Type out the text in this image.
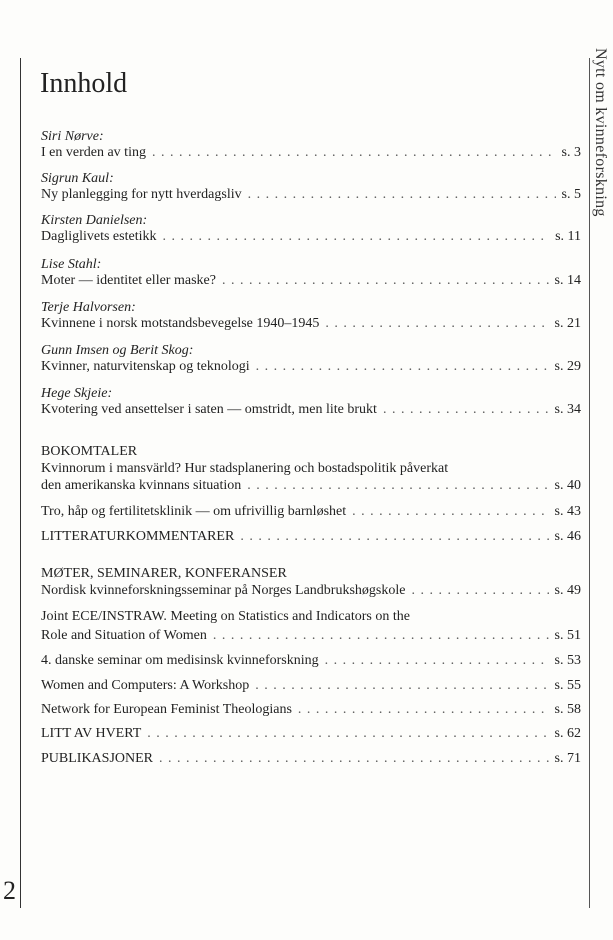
Nytt om kvinneforskning
2
Innhold
Siri Nørve:
I en verden av ting . . .	s. 3
Sigrun Kaul:
Ny planlegging for nytt hverdagsliv . . .	s. 5
Kirsten Danielsen:
Dagliglivets estetikk . . .	s. 11
Lise Stahl:
Moter — identitet eller maske? . . .	s. 14
Terje Halvorsen:
Kvinnene i norsk motstandsbevegelse 1940–1945 . . .	s. 21
Gunn Imsen og Berit Skog:
Kvinner, naturvitenskap og teknologi . . .	s. 29
Hege Skjeie:
Kvotering ved ansettelser i saten — omstridt, men lite brukt . . .	s. 34
BOKOMTALER
Kvinnorum i mansvärld? Hur stadsplanering och bostadspolitik påverkat
den amerikanska kvinnans situation . . .	s. 40
Tro, håp og fertilitetsklinik — om ufrivillig barnløshet . . .	s. 43
LITTERATURKOMMENTARER . . .	s. 46
MØTER, SEMINARER, KONFERANSER
Nordisk kvinneforskningsseminar på Norges Landbrukshøgskole . . .	s. 49
Joint ECE/INSTRAW. Meeting on Statistics and Indicators on the
Role and Situation of Women . . .	s. 51
4. danske seminar om medisinsk kvinneforskning . . .	s. 53
Women and Computers: A Workshop . . .	s. 55
Network for European Feminist Theologians . . .	s. 58
LITT AV HVERT . . .	s. 62
PUBLIKASJONER . . .	s. 71
